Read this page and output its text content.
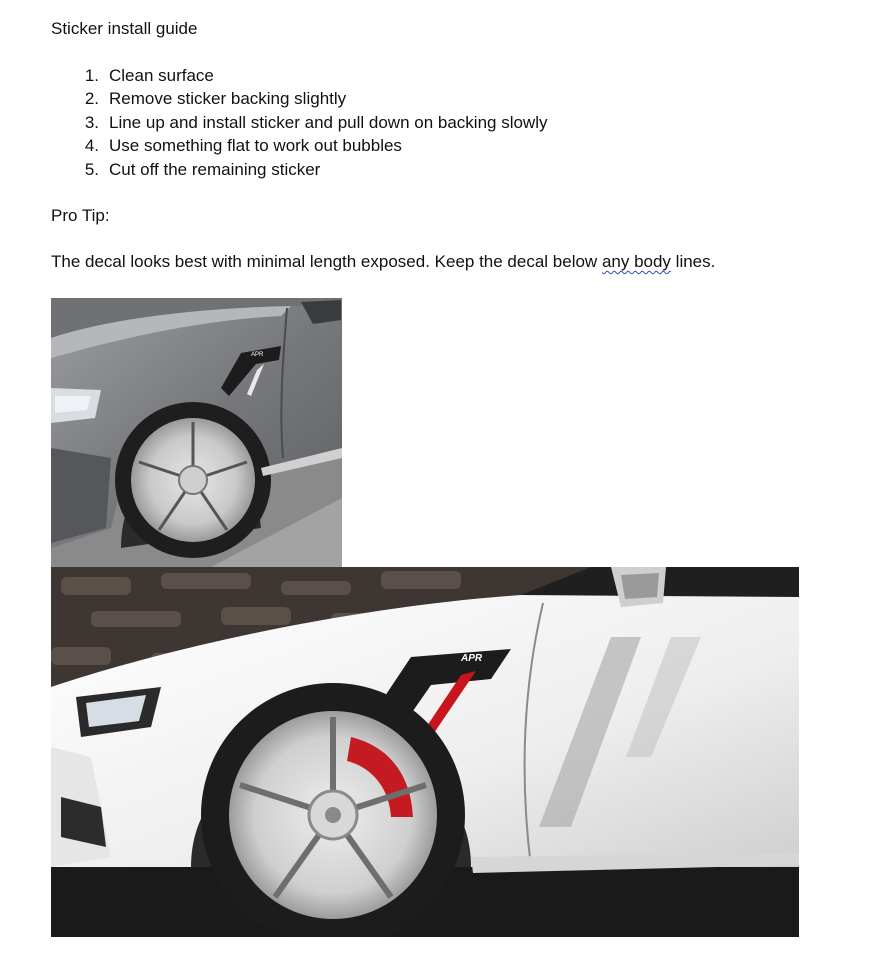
Sticker install guide

1. Clean surface
2. Remove sticker backing slightly
3. Line up and install sticker and pull down on backing slowly
4. Use something flat to work out bubbles
5. Cut off the remaining sticker

Pro Tip:

The decal looks best with minimal length exposed. Keep the decal below any body lines.

APR
APR
